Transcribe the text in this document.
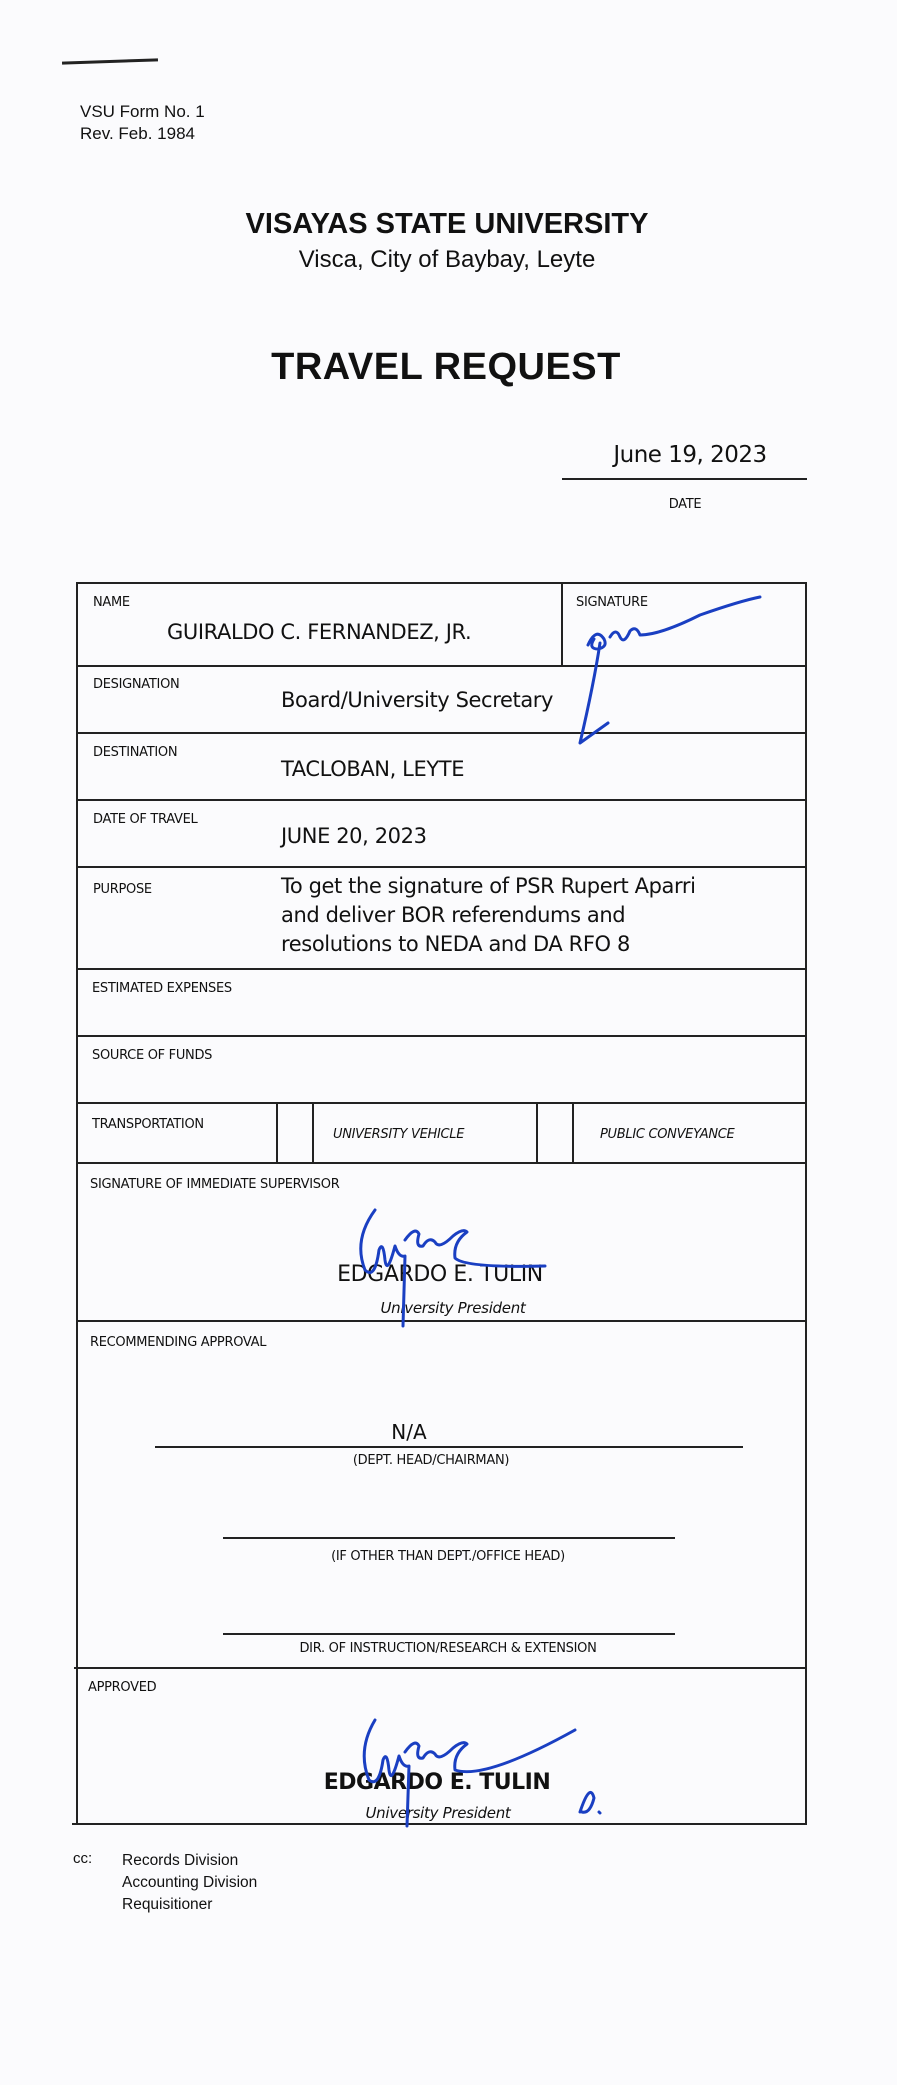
VSU Form No. 1
Rev. Feb. 1984
VISAYAS STATE UNIVERSITY
Visca, City of Baybay, Leyte
TRAVEL REQUEST
June 19, 2023
DATE
NAME
GUIRALDO C. FERNANDEZ, JR.
SIGNATURE
DESIGNATION
Board/University Secretary
DESTINATION
TACLOBAN, LEYTE
DATE OF TRAVEL
JUNE 20, 2023
PURPOSE	To get the signature of PSR Rupert Aparri
and deliver BOR referendums and
resolutions to NEDA and DA RFO 8
ESTIMATED EXPENSES
SOURCE OF FUNDS
TRANSPORTATION
UNIVERSITY VEHICLE	PUBLIC CONVEYANCE
SIGNATURE OF IMMEDIATE SUPERVISOR
EDGARDO E. TULIN
University President
RECOMMENDING APPROVAL
N/A
(DEPT. HEAD/CHAIRMAN)
(IF OTHER THAN DEPT./OFFICE HEAD)
DIR. OF INSTRUCTION/RESEARCH & EXTENSION
APPROVED
EDGARDO E. TULIN
University President
cc: Records Division
Accounting Division
Requisitioner
